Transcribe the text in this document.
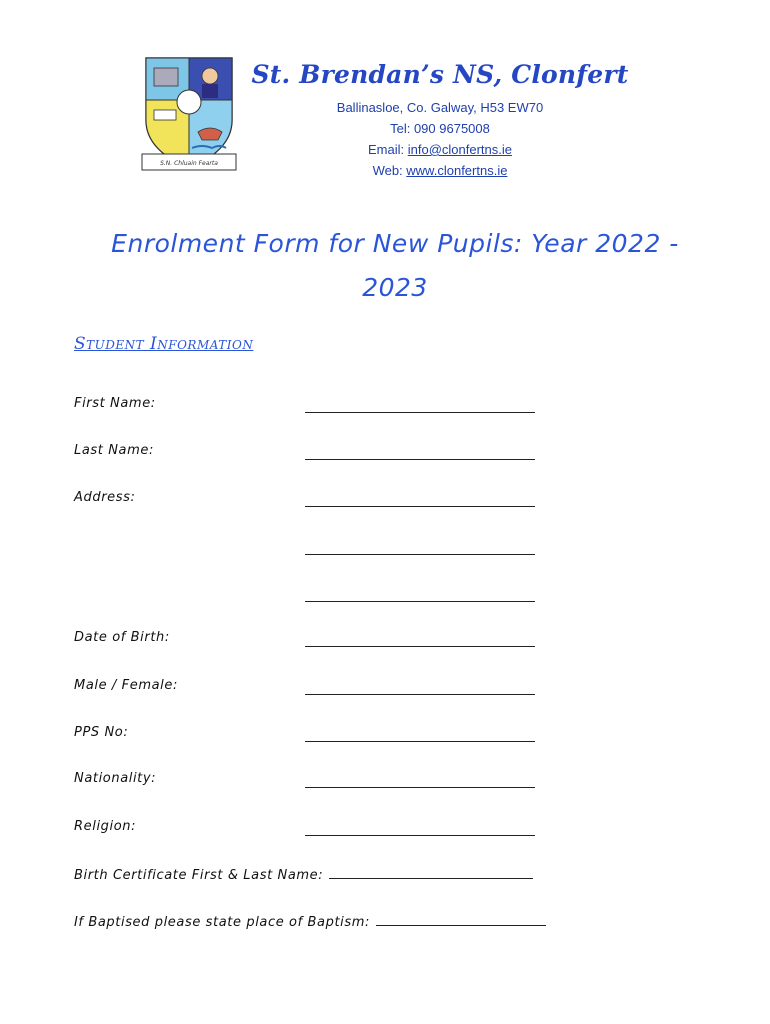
S.N. Chluain Fearta
St. Brendan’s NS, Clonfert
Ballinasloe, Co. Galway, H53 EW70
Tel: 090 9675008
Email: info@clonfertns.ie
Web: www.clonfertns.ie
Enrolment Form for New Pupils: Year 2022 -
2023
Student Information
First Name:
Last Name:
Address:
Date of Birth:
Male / Female:
PPS No:
Nationality:
Religion:
Birth Certificate First & Last Name:
If Baptised please state place of Baptism:
